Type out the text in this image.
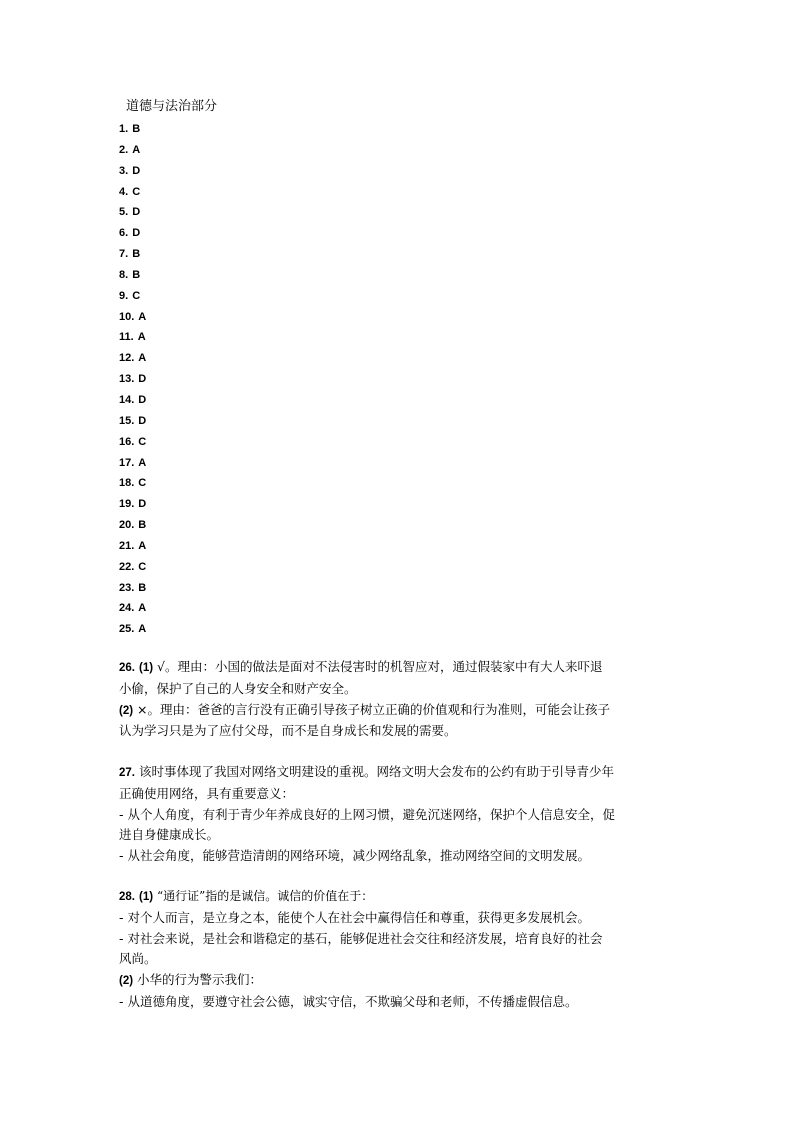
道德与法治部分
1. B
2. A
3. D
4. C
5. D
6. D
7. B
8. B
9. C
10. A
11. A
12. A
13. D
14. D
15. D
16. C
17. A
18. C
19. D
20. B
21. A
22. C
23. B
24. A
25. A
26. (1) √。理由：小国的做法是面对不法侵害时的机智应对，通过假装家中有大人来吓退
小偷，保护了自己的人身安全和财产安全。
(2) ×。理由：爸爸的言行没有正确引导孩子树立正确的价值观和行为准则，可能会让孩子
认为学习只是为了应付父母，而不是自身成长和发展的需要。
27. 该时事体现了我国对网络文明建设的重视。网络文明大会发布的公约有助于引导青少年
正确使用网络，具有重要意义：
- 从个人角度，有利于青少年养成良好的上网习惯，避免沉迷网络，保护个人信息安全，促
进自身健康成长。
- 从社会角度，能够营造清朗的网络环境，减少网络乱象，推动网络空间的文明发展。
28. (1) “通行证”指的是诚信。诚信的价值在于：
- 对个人而言，是立身之本，能使个人在社会中赢得信任和尊重，获得更多发展机会。
- 对社会来说，是社会和谐稳定的基石，能够促进社会交往和经济发展，培育良好的社会
风尚。
(2) 小华的行为警示我们：
- 从道德角度，要遵守社会公德，诚实守信，不欺骗父母和老师，不传播虚假信息。
